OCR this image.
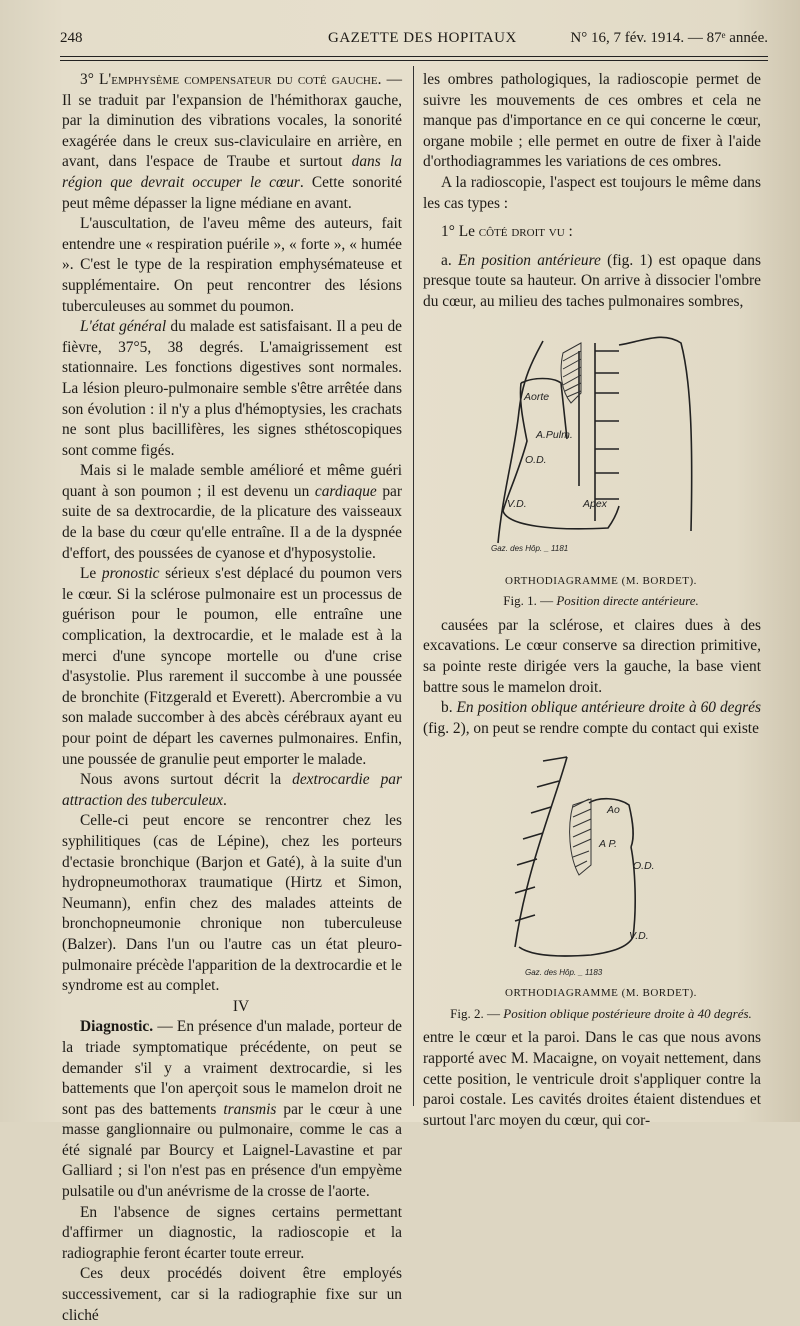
248	GAZETTE DES HOPITAUX	N° 16, 7 fév. 1914. — 87ᵉ année.

3° L'emphysème compensateur du coté gauche. — Il se traduit par l'expansion de l'hémithorax gauche, par la diminution des vibrations vocales, la sonorité exagérée dans le creux sus-claviculaire en arrière, en avant, dans l'espace de Traube et surtout dans la région que devrait occuper le cœur. Cette sonorité peut même dépasser la ligne médiane en avant.

L'auscultation, de l'aveu même des auteurs, fait entendre une « respiration puérile », « forte », « humée ». C'est le type de la respiration emphysémateuse et supplémentaire. On peut rencontrer des lésions tuberculeuses au sommet du poumon.

L'état général du malade est satisfaisant. Il a peu de fièvre, 37°5, 38 degrés. L'amaigrissement est stationnaire. Les fonctions digestives sont normales. La lésion pleuro-pulmonaire semble s'être arrêtée dans son évolution : il n'y a plus d'hémoptysies, les crachats ne sont plus bacillifères, les signes sthétoscopiques sont comme figés.

Mais si le malade semble amélioré et même guéri quant à son poumon ; il est devenu un cardiaque par suite de sa dextrocardie, de la plicature des vaisseaux de la base du cœur qu'elle entraîne. Il a de la dyspnée d'effort, des poussées de cyanose et d'hyposystolie.

Le pronostic sérieux s'est déplacé du poumon vers le cœur. Si la sclérose pulmonaire est un processus de guérison pour le poumon, elle entraîne une complication, la dextrocardie, et le malade est à la merci d'une syncope mortelle ou d'une crise d'asystolie. Plus rarement il succombe à une poussée de bronchite (Fitzgerald et Everett). Abercrombie a vu son malade succomber à des abcès cérébraux ayant eu pour point de départ les cavernes pulmonaires. Enfin, une poussée de granulie peut emporter le malade.

Nous avons surtout décrit la dextrocardie par attraction des tuberculeux.

Celle-ci peut encore se rencontrer chez les syphilitiques (cas de Lépine), chez les porteurs d'ectasie bronchique (Barjon et Gaté), à la suite d'un hydropneumothorax traumatique (Hirtz et Simon, Neumann), enfin chez des malades atteints de bronchopneumonie chronique non tuberculeuse (Balzer). Dans l'un ou l'autre cas un état pleuro-pulmonaire précède l'apparition de la dextrocardie et le syndrome est au complet.

IV

Diagnostic. — En présence d'un malade, porteur de la triade symptomatique précédente, on peut se demander s'il y a vraiment dextrocardie, si les battements que l'on aperçoit sous le mamelon droit ne sont pas des battements transmis par le cœur à une masse ganglionnaire ou pulmonaire, comme le cas a été signalé par Bourcy et Laignel-Lavastine et par Galliard ; si l'on n'est pas en présence d'un empyème pulsatile ou d'un anévrisme de la crosse de l'aorte.

En l'absence de signes certains permettant d'affirmer un diagnostic, la radioscopie et la radiographie feront écarter toute erreur.

Ces deux procédés doivent être employés successivement, car si la radiographie fixe sur un cliché

les ombres pathologiques, la radioscopie permet de suivre les mouvements de ces ombres et cela ne manque pas d'importance en ce qui concerne le cœur, organe mobile ; elle permet en outre de fixer à l'aide d'orthodiagrammes les variations de ces ombres.

A la radioscopie, l'aspect est toujours le même dans les cas types :

1° Le côté droit vu :

a. En position antérieure (fig. 1) est opaque dans presque toute sa hauteur. On arrive à dissocier l'ombre du cœur, au milieu des taches pulmonaires sombres,

Aorte
A.Pulm.
O.D.
V.D.	Apex
Gaz. des Hôp. _ 1181

ORTHODIAGRAMME (M. BORDET).

Fig. 1. — Position directe antérieure.

causées par la sclérose, et claires dues à des excavations. Le cœur conserve sa direction primitive, sa pointe reste dirigée vers la gauche, la base vient battre sous le mamelon droit.

b. En position oblique antérieure droite à 60 degrés (fig. 2), on peut se rendre compte du contact qui existe

Ao
A P.
O.D.
V.D.
Gaz. des Hôp. _ 1183

ORTHODIAGRAMME (M. BORDET).

Fig. 2. — Position oblique postérieure droite à 40 degrés.

entre le cœur et la paroi. Dans le cas que nous avons rapporté avec M. Macaigne, on voyait nettement, dans cette position, le ventricule droit s'appliquer contre la paroi costale. Les cavités droites étaient distendues et surtout l'arc moyen du cœur, qui cor-
